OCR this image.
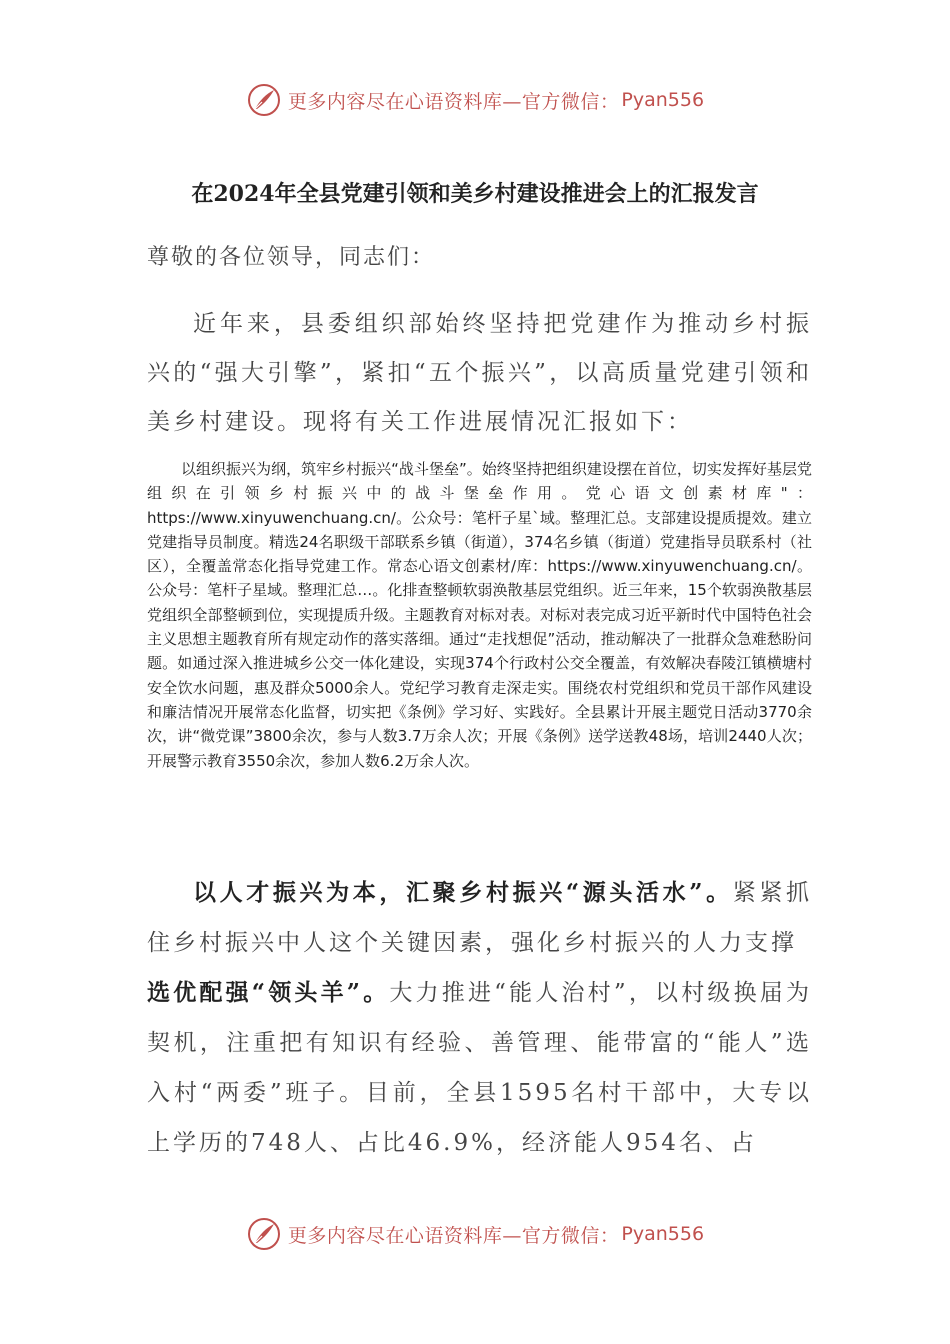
更多内容尽在心语资料库—官方微信： Pyan556
在2024年全县党建引领和美乡村建设推进会上的汇报发言
尊敬的各位领导，同志们：
近年来，县委组织部始终坚持把党建作为推动乡村振兴的“强大引擎”，紧扣“五个振兴”，以高质量党建引领和美乡村建设。现将有关工作进展情况汇报如下：
以组织振兴为纲，筑牢乡村振兴“战斗堡垒”。始终坚持把组织建设摆在首位，切实发挥好基层党组织在引领乡村振兴中的战斗堡垒作用。党心语文创素材库"：https://www.xinyuwenchuang.cn/。公众号：笔杆子星`域。整理汇总。支部建设提质提效。建立党建指导员制度。精选24名职级干部联系乡镇（街道），374名乡镇（街道）党建指导员联系村（社区），全覆盖常态化指导党建工作。常态心语文创素材/库：https://www.xinyuwenchuang.cn/。公众号：笔杆子星域。整理汇总…。化排查整顿软弱涣散基层党组织。近三年来，15个软弱涣散基层党组织全部整顿到位，实现提质升级。主题教育对标对表。对标对表完成习近平新时代中国特色社会主义思想主题教育所有规定动作的落实落细。通过“走找想促”活动，推动解决了一批群众急难愁盼问题。如通过深入推进城乡公交一体化建设，实现374个行政村公交全覆盖，有效解决春陵江镇横塘村安全饮水问题，惠及群众5000余人。党纪学习教育走深走实。围绕农村党组织和党员干部作风建设和廉洁情况开展常态化监督，切实把《条例》学习好、实践好。全县累计开展主题党日活动3770余次，讲“微党课”3800余次，参与人数3.7万余人次；开展《条例》送学送教48场，培训2440人次；开展警示教育3550余次，参加人数6.2万余人次。
以人才振兴为本，汇聚乡村振兴“源头活水”。紧紧抓住乡村振兴中人这个关键因素，强化乡村振兴的人力支撑
选优配强“领头羊”。大力推进“能人治村”，以村级换届为契机，注重把有知识有经验、善管理、能带富的“能人”选入村“两委”班子。目前，全县1595名村干部中，大专以上学历的748人、占比46.9%，经济能人954名、占
更多内容尽在心语资料库—官方微信： Pyan556
